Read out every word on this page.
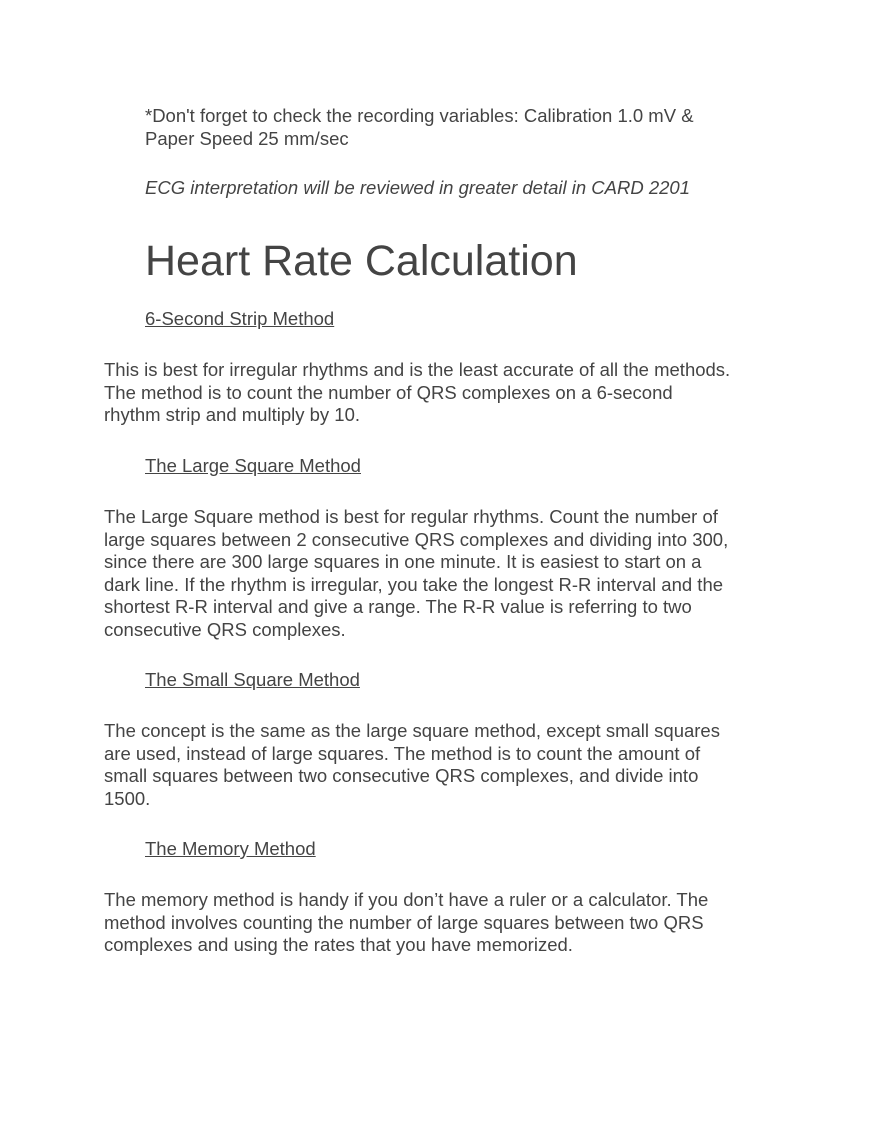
*Don't forget to check the recording variables: Calibration 1.0 mV & Paper Speed 25 mm/sec

ECG interpretation will be reviewed in greater detail in CARD 2201

Heart Rate Calculation

6-Second Strip Method

This is best for irregular rhythms and is the least accurate of all the methods. The method is to count the number of QRS complexes on a 6-second rhythm strip and multiply by 10.

The Large Square Method

The Large Square method is best for regular rhythms. Count the number of large squares between 2 consecutive QRS complexes and dividing into 300, since there are 300 large squares in one minute. It is easiest to start on a dark line. If the rhythm is irregular, you take the longest R-R interval and the shortest R-R interval and give a range. The R-R value is referring to two consecutive QRS complexes.

The Small Square Method

The concept is the same as the large square method, except small squares are used, instead of large squares. The method is to count the amount of small squares between two consecutive QRS complexes, and divide into 1500.

The Memory Method

The memory method is handy if you don’t have a ruler or a calculator. The method involves counting the number of large squares between two QRS complexes and using the rates that you have memorized.
